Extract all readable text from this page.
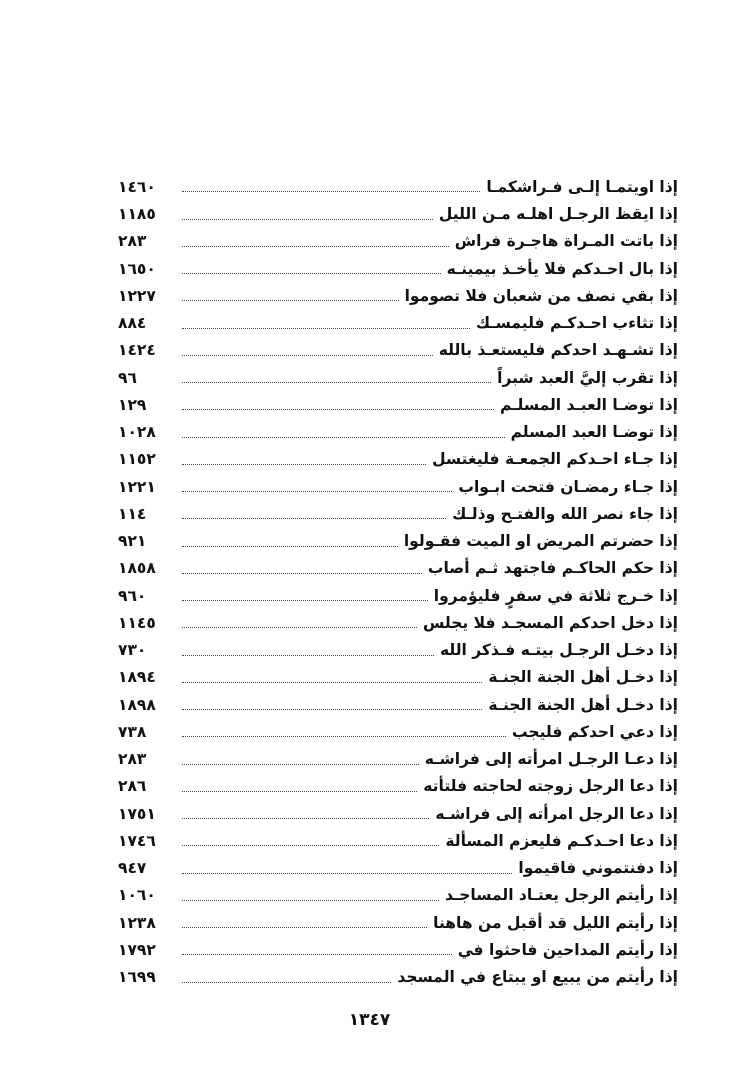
إذا اويتمـا إلـى فـراشكمـا
١٤٦٠
إذا ايقظ الرجـل اهلـه مـن الليل
١١٨٥
إذا باتت المـراة هاجـرة فراش
٢٨٣
إذا بال احـدكم فلا يأخـذ بيمينـه
١٦٥٠
إذا بقي نصف من شعبان فلا تصوموا
١٢٢٧
إذا تثاءب احـدكـم فليمسـك
٨٨٤
إذا تشـهـد احدكم فليستعـذ بالله
١٤٢٤
إذا تقرب إليَّ العبد شبراً
٩٦
إذا توضـا العبـد المسلـم
١٢٩
إذا توضـا العبد المسلم
١٠٢٨
إذا جـاء احـدكم الجمعـة فليغتسل
١١٥٢
إذا جـاء رمضـان فتحت ابـواب
١٢٢١
إذا جاء نصر الله والفتـح وذلـك
١١٤
إذا حضرتم المريض او الميت فقـولوا
٩٢١
إذا حكم الحاكـم فاجتهد ثـم أصاب
١٨٥٨
إذا خـرج ثلاثة في سفرٍ فليؤمروا
٩٦٠
إذا دخل احدكم المسجـد فلا يجلس
١١٤٥
إذا دخـل الرجـل بيتـه فـذكر الله
٧٣٠
إذا دخـل أهل الجنة الجنـة
١٨٩٤
إذا دخـل أهل الجنة الجنـة
١٨٩٨
إذا دعي احدكم فليجب
٧٣٨
إذا دعـا الرجـل امرأته إلى فراشـه
٢٨٣
إذا دعا الرجل زوجته لحاجته فلتأته
٢٨٦
إذا دعا الرجل امرأته إلى فراشـه
١٧٥١
إذا دعا احـدكـم فليعزم المسألة
١٧٤٦
إذا دفنتموني فاقيموا
٩٤٧
إذا رأيتم الرجل يعتـاد المساجـد
١٠٦٠
إذا رأيتم الليل قد أقبل من هاهنا
١٢٣٨
إذا رأيتم المداحين فاحثوا في
١٧٩٢
إذا رأيتم من يبيع او يبتاع في المسجد
١٦٩٩
١٣٤٧
